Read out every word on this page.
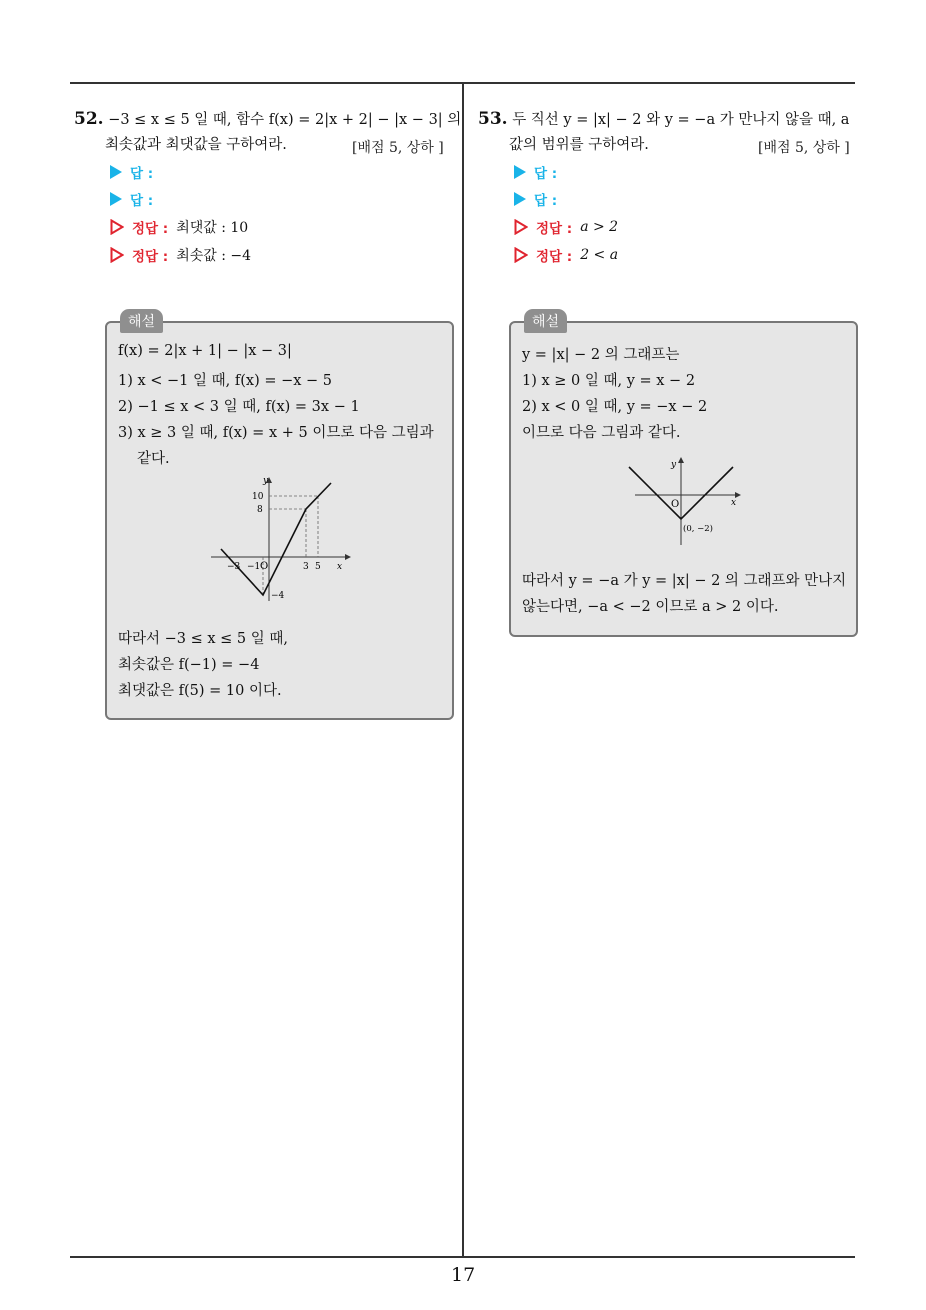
52. −3 ≤ x ≤ 5 일 때, 함수 f(x) = 2|x + 2| − |x − 3| 의
최솟값과 최댓값을 구하여라.	[배점 5, 상하 ]
답 :
답 :
정답 : 최댓값 : 10
정답 : 최솟값 : −4
f(x) = 2|x + 1| − |x − 3|
1) x < −1 일 때, f(x) = −x − 5
2) −1 ≤ x < 3 일 때, f(x) = 3x − 1
3) x ≥ 3 일 때, f(x) = x + 5 이므로 다음 그림과
같다.
y
x
10
8
−3 −1 O	3 5
−4
따라서 −3 ≤ x ≤ 5 일 때,
최솟값은 f(−1) = −4
최댓값은 f(5) = 10 이다.
해설
53. 두 직선 y = |x| − 2 와 y = −a 가 만나지 않을 때, a
값의 범위를 구하여라.	[배점 5, 상하 ]
답 :
답 :
정답 : a > 2
정답 : 2 < a
y = |x| − 2 의 그래프는
1) x ≥ 0 일 때, y = x − 2
2) x < 0 일 때, y = −x − 2
이므로 다음 그림과 같다.
y
x
O
(0, −2)
따라서 y = −a 가 y = |x| − 2 의 그래프와 만나지
않는다면, −a < −2 이므로 a > 2 이다.
해설
17
